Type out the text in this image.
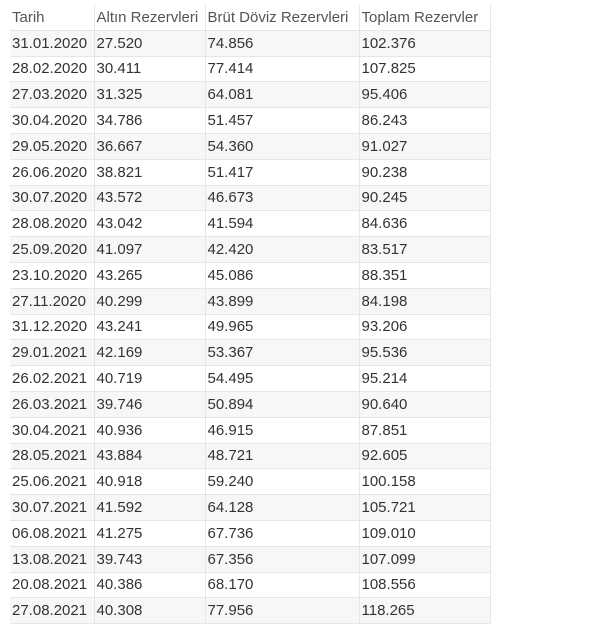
Tarih	Altın Rezervleri	Brüt Döviz Rezervleri	Toplam Rezervler
31.01.2020	27.520	74.856	102.376
28.02.2020	30.411	77.414	107.825
27.03.2020	31.325	64.081	95.406
30.04.2020	34.786	51.457	86.243
29.05.2020	36.667	54.360	91.027
26.06.2020	38.821	51.417	90.238
30.07.2020	43.572	46.673	90.245
28.08.2020	43.042	41.594	84.636
25.09.2020	41.097	42.420	83.517
23.10.2020	43.265	45.086	88.351
27.11.2020	40.299	43.899	84.198
31.12.2020	43.241	49.965	93.206
29.01.2021	42.169	53.367	95.536
26.02.2021	40.719	54.495	95.214
26.03.2021	39.746	50.894	90.640
30.04.2021	40.936	46.915	87.851
28.05.2021	43.884	48.721	92.605
25.06.2021	40.918	59.240	100.158
30.07.2021	41.592	64.128	105.721
06.08.2021	41.275	67.736	109.010
13.08.2021	39.743	67.356	107.099
20.08.2021	40.386	68.170	108.556
27.08.2021	40.308	77.956	118.265
